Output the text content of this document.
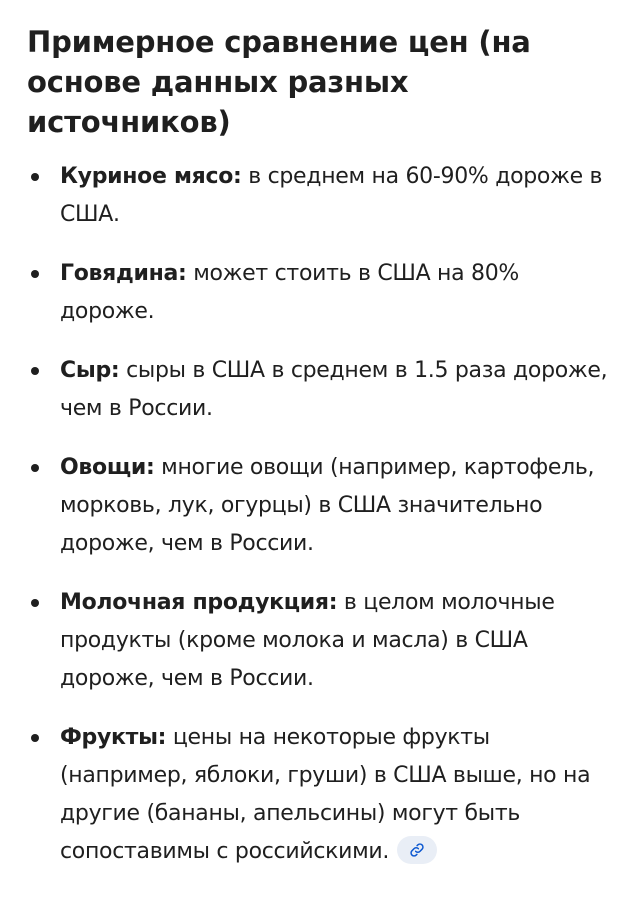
Примерное сравнение цен (на основе данных разных источников)
Куриное мясо: в среднем на 60-90% дороже в США.
Говядина: может стоить в США на 80% дороже.
Сыр: сыры в США в среднем в 1.5 раза дороже, чем в России.
Овощи: многие овощи (например, картофель, морковь, лук, огурцы) в США значительно дороже, чем в России.
Молочная продукция: в целом молочные продукты (кроме молока и масла) в США дороже, чем в России.
Фрукты: цены на некоторые фрукты (например, яблоки, груши) в США выше, но на другие (бананы, апельсины) могут быть сопоставимы с российскими.
